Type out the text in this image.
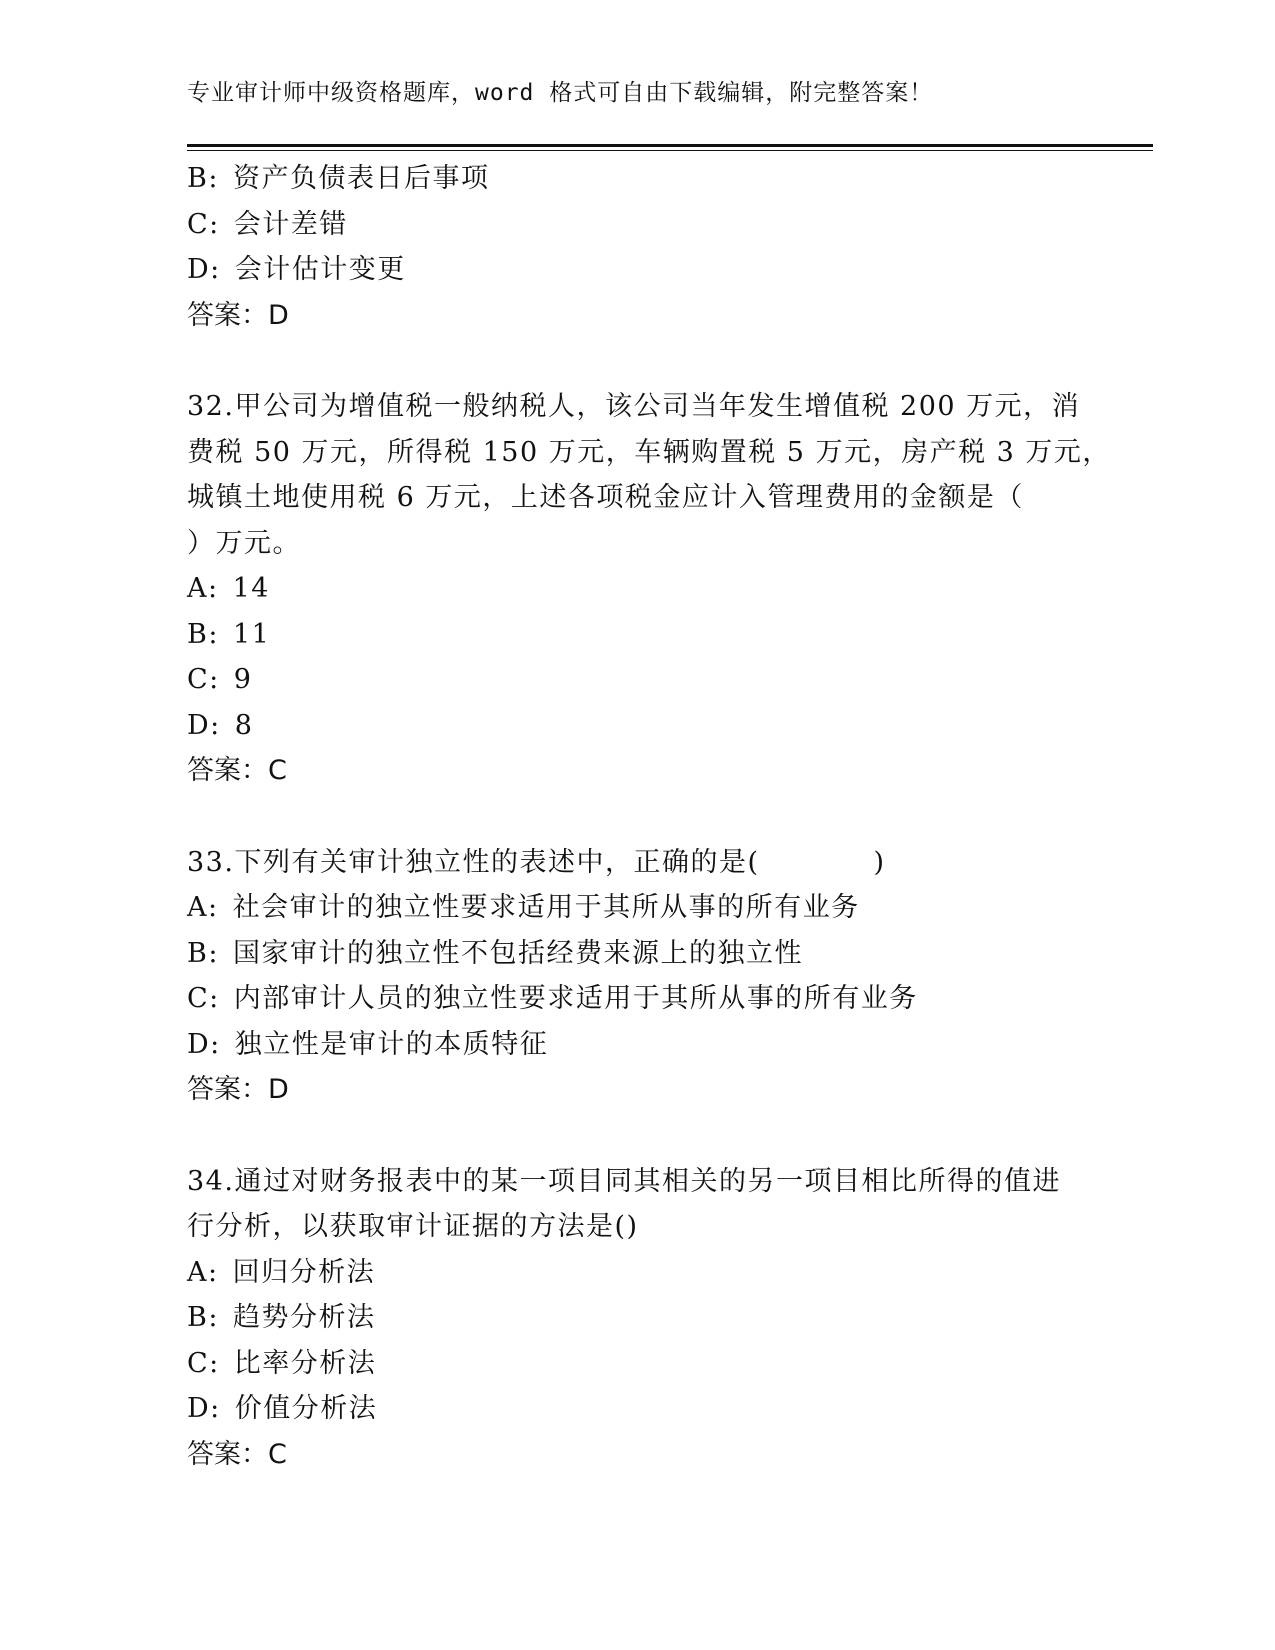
专业审计师中级资格题库，word 格式可自由下载编辑，附完整答案！
B: 资产负债表日后事项
C: 会计差错
D: 会计估计变更
答案：D
32.甲公司为增值税一般纳税人，该公司当年发生增值税 200 万元，消
费税 50 万元，所得税 150 万元，车辆购置税 5 万元，房产税 3 万元，
城镇土地使用税 6 万元，上述各项税金应计入管理费用的金额是（
）万元。
A: 14
B: 11
C: 9
D: 8
答案：C
33.下列有关审计独立性的表述中，正确的是(　　　　)
A: 社会审计的独立性要求适用于其所从事的所有业务
B: 国家审计的独立性不包括经费来源上的独立性
C: 内部审计人员的独立性要求适用于其所从事的所有业务
D: 独立性是审计的本质特征
答案：D
34.通过对财务报表中的某一项目同其相关的另一项目相比所得的值进
行分析，以获取审计证据的方法是()
A: 回归分析法
B: 趋势分析法
C: 比率分析法
D: 价值分析法
答案：C
